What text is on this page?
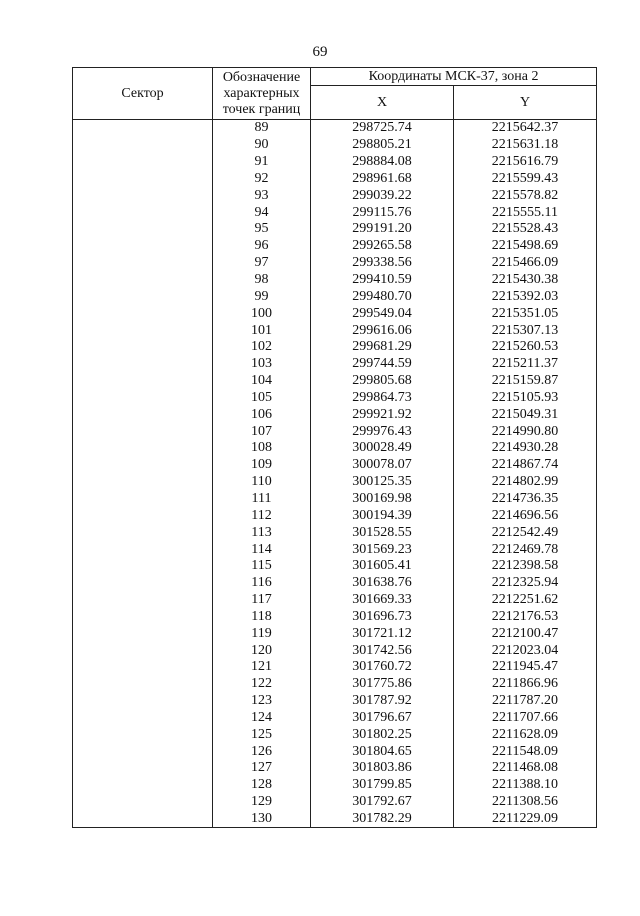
69
Сектор	Обозначение характерных точек границ	Координаты МСК-37, зона 2	
		X	Y
	89	298725.74	2215642.37
	90	298805.21	2215631.18
	91	298884.08	2215616.79
	92	298961.68	2215599.43
	93	299039.22	2215578.82
	94	299115.76	2215555.11
	95	299191.20	2215528.43
	96	299265.58	2215498.69
	97	299338.56	2215466.09
	98	299410.59	2215430.38
	99	299480.70	2215392.03
	100	299549.04	2215351.05
	101	299616.06	2215307.13
	102	299681.29	2215260.53
	103	299744.59	2215211.37
	104	299805.68	2215159.87
	105	299864.73	2215105.93
	106	299921.92	2215049.31
	107	299976.43	2214990.80
	108	300028.49	2214930.28
	109	300078.07	2214867.74
	110	300125.35	2214802.99
	111	300169.98	2214736.35
	112	300194.39	2214696.56
	113	301528.55	2212542.49
	114	301569.23	2212469.78
	115	301605.41	2212398.58
	116	301638.76	2212325.94
	117	301669.33	2212251.62
	118	301696.73	2212176.53
	119	301721.12	2212100.47
	120	301742.56	2212023.04
	121	301760.72	2211945.47
	122	301775.86	2211866.96
	123	301787.92	2211787.20
	124	301796.67	2211707.66
	125	301802.25	2211628.09
	126	301804.65	2211548.09
	127	301803.86	2211468.08
	128	301799.85	2211388.10
	129	301792.67	2211308.56
	130	301782.29	2211229.09
